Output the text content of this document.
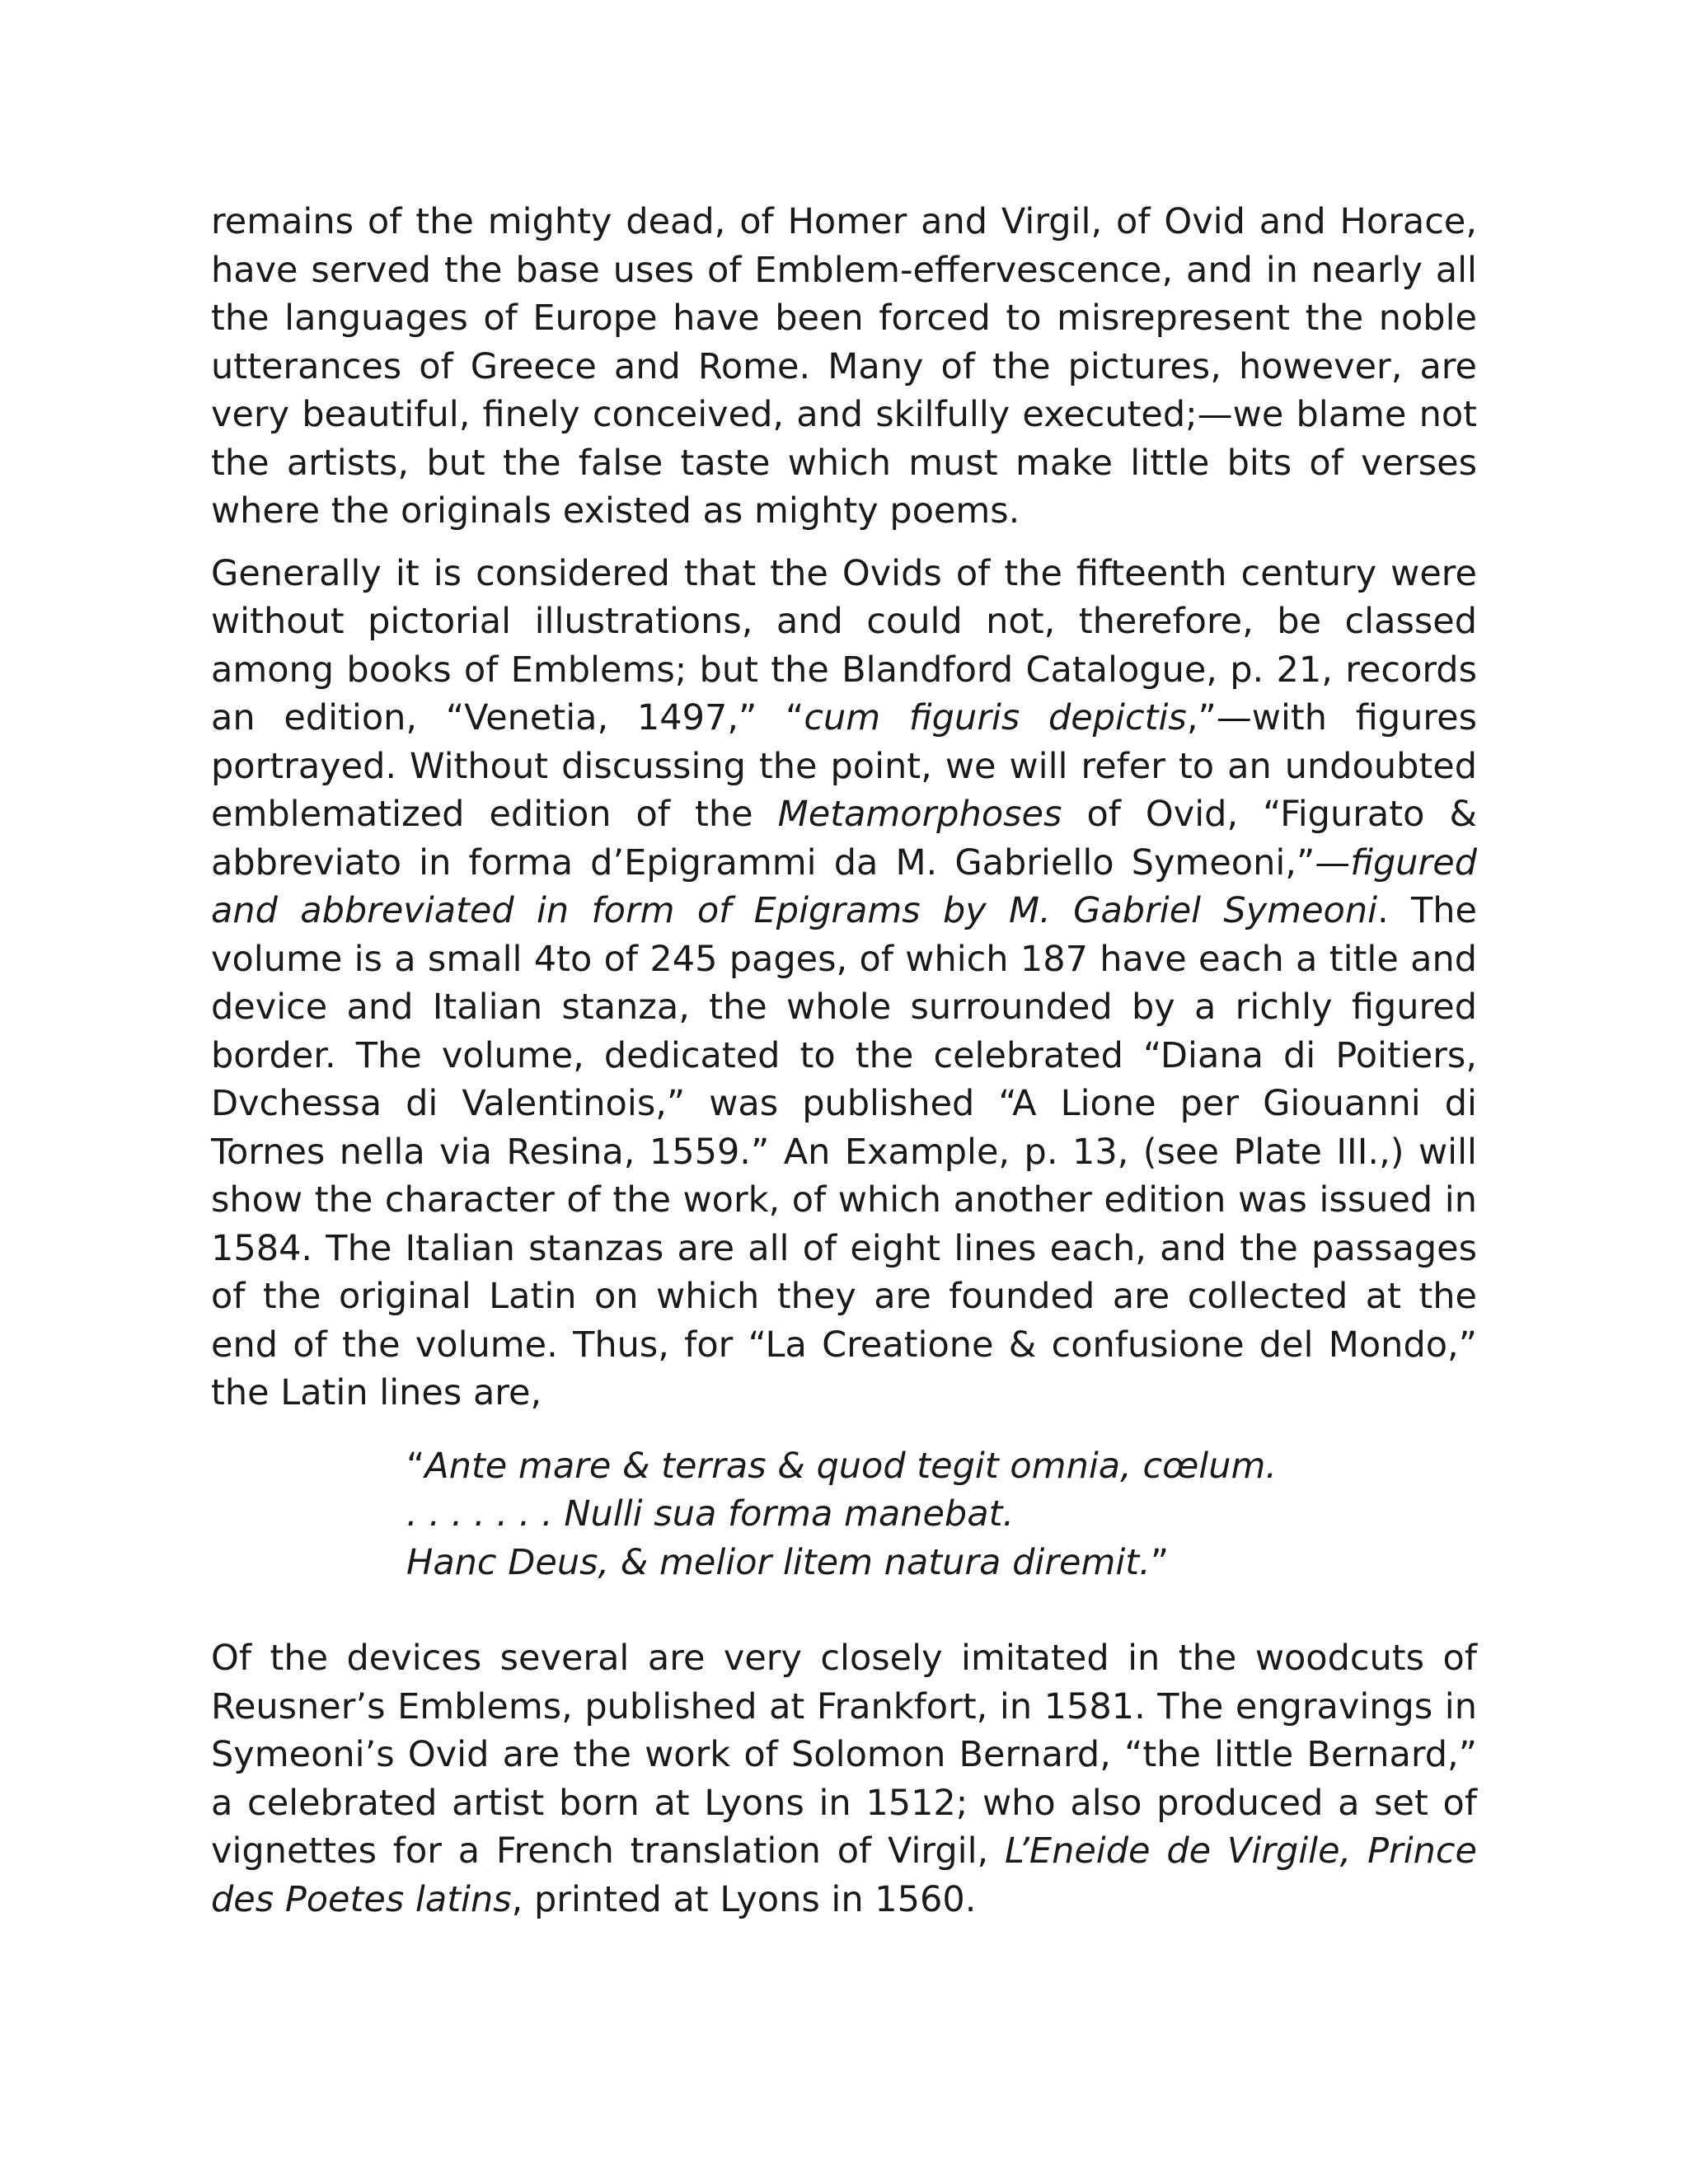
remains of the mighty dead, of Homer and Virgil, of Ovid and Horace, have served the base uses of Emblem-effervescence, and in nearly all the languages of Europe have been forced to misrepresent the noble utterances of Greece and Rome. Many of the pictures, however, are very beautiful, finely conceived, and skilfully executed;—we blame not the artists, but the false taste which must make little bits of verses where the originals existed as mighty poems.

Generally it is considered that the Ovids of the fifteenth century were without pictorial illustrations, and could not, therefore, be classed among books of Emblems; but the Blandford Catalogue, p. 21, records an edition, “Venetia, 1497,” “cum figuris depictis,”—with figures portrayed. Without discussing the point, we will refer to an undoubted emblematized edition of the Metamorphoses of Ovid, “Figurato & abbreviato in forma d’Epigrammi da M. Gabriello Symeoni,”—figured and abbreviated in form of Epigrams by M. Gabriel Symeoni. The volume is a small 4to of 245 pages, of which 187 have each a title and device and Italian stanza, the whole surrounded by a richly figured border. The volume, dedicated to the celebrated “Diana di Poitiers, Dvchessa di Valentinois,” was published “A Lione per Giouanni di Tornes nella via Resina, 1559.” An Example, p. 13, (see Plate III.,) will show the character of the work, of which another edition was issued in 1584. The Italian stanzas are all of eight lines each, and the passages of the original Latin on which they are founded are collected at the end of the volume. Thus, for “La Creatione & confusione del Mondo,” the Latin lines are,

“Ante mare & terras & quod tegit omnia, cœlum.
. . . . . . . Nulli sua forma manebat.
Hanc Deus, & melior litem natura diremit.”

Of the devices several are very closely imitated in the woodcuts of Reusner’s Emblems, published at Frankfort, in 1581. The engravings in Symeoni’s Ovid are the work of Solomon Bernard, “the little Bernard,” a celebrated artist born at Lyons in 1512; who also produced a set of vignettes for a French translation of Virgil, L’Eneide de Virgile, Prince des Poetes latins, printed at Lyons in 1560.
